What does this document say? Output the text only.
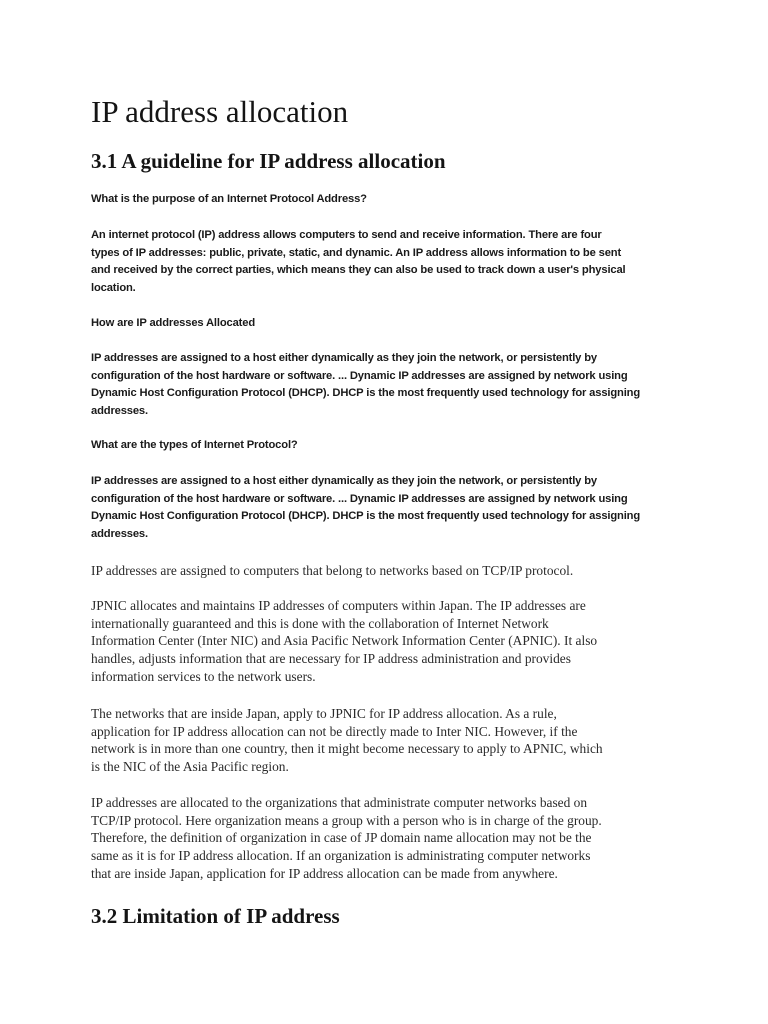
IP address allocation
3.1 A guideline for IP address allocation

What is the purpose of an Internet Protocol Address?

An internet protocol (IP) address allows computers to send and receive information. There are four
types of IP addresses: public, private, static, and dynamic. An IP address allows information to be sent
and received by the correct parties, which means they can also be used to track down a user's physical
location.

How are IP addresses Allocated

IP addresses are assigned to a host either dynamically as they join the network, or persistently by
configuration of the host hardware or software. ... Dynamic IP addresses are assigned by network using
Dynamic Host Configuration Protocol (DHCP). DHCP is the most frequently used technology for assigning
addresses.

What are the types of Internet Protocol?

IP addresses are assigned to a host either dynamically as they join the network, or persistently by
configuration of the host hardware or software. ... Dynamic IP addresses are assigned by network using
Dynamic Host Configuration Protocol (DHCP). DHCP is the most frequently used technology for assigning
addresses.

IP addresses are assigned to computers that belong to networks based on TCP/IP protocol.

JPNIC allocates and maintains IP addresses of computers within Japan. The IP addresses are
internationally guaranteed and this is done with the collaboration of Internet Network
Information Center (Inter NIC) and Asia Pacific Network Information Center (APNIC). It also
handles, adjusts information that are necessary for IP address administration and provides
information services to the network users.

The networks that are inside Japan, apply to JPNIC for IP address allocation. As a rule,
application for IP address allocation can not be directly made to Inter NIC. However, if the
network is in more than one country, then it might become necessary to apply to APNIC, which
is the NIC of the Asia Pacific region.

IP addresses are allocated to the organizations that administrate computer networks based on
TCP/IP protocol. Here organization means a group with a person who is in charge of the group.
Therefore, the definition of organization in case of JP domain name allocation may not be the
same as it is for IP address allocation. If an organization is administrating computer networks
that are inside Japan, application for IP address allocation can be made from anywhere.

3.2 Limitation of IP address
